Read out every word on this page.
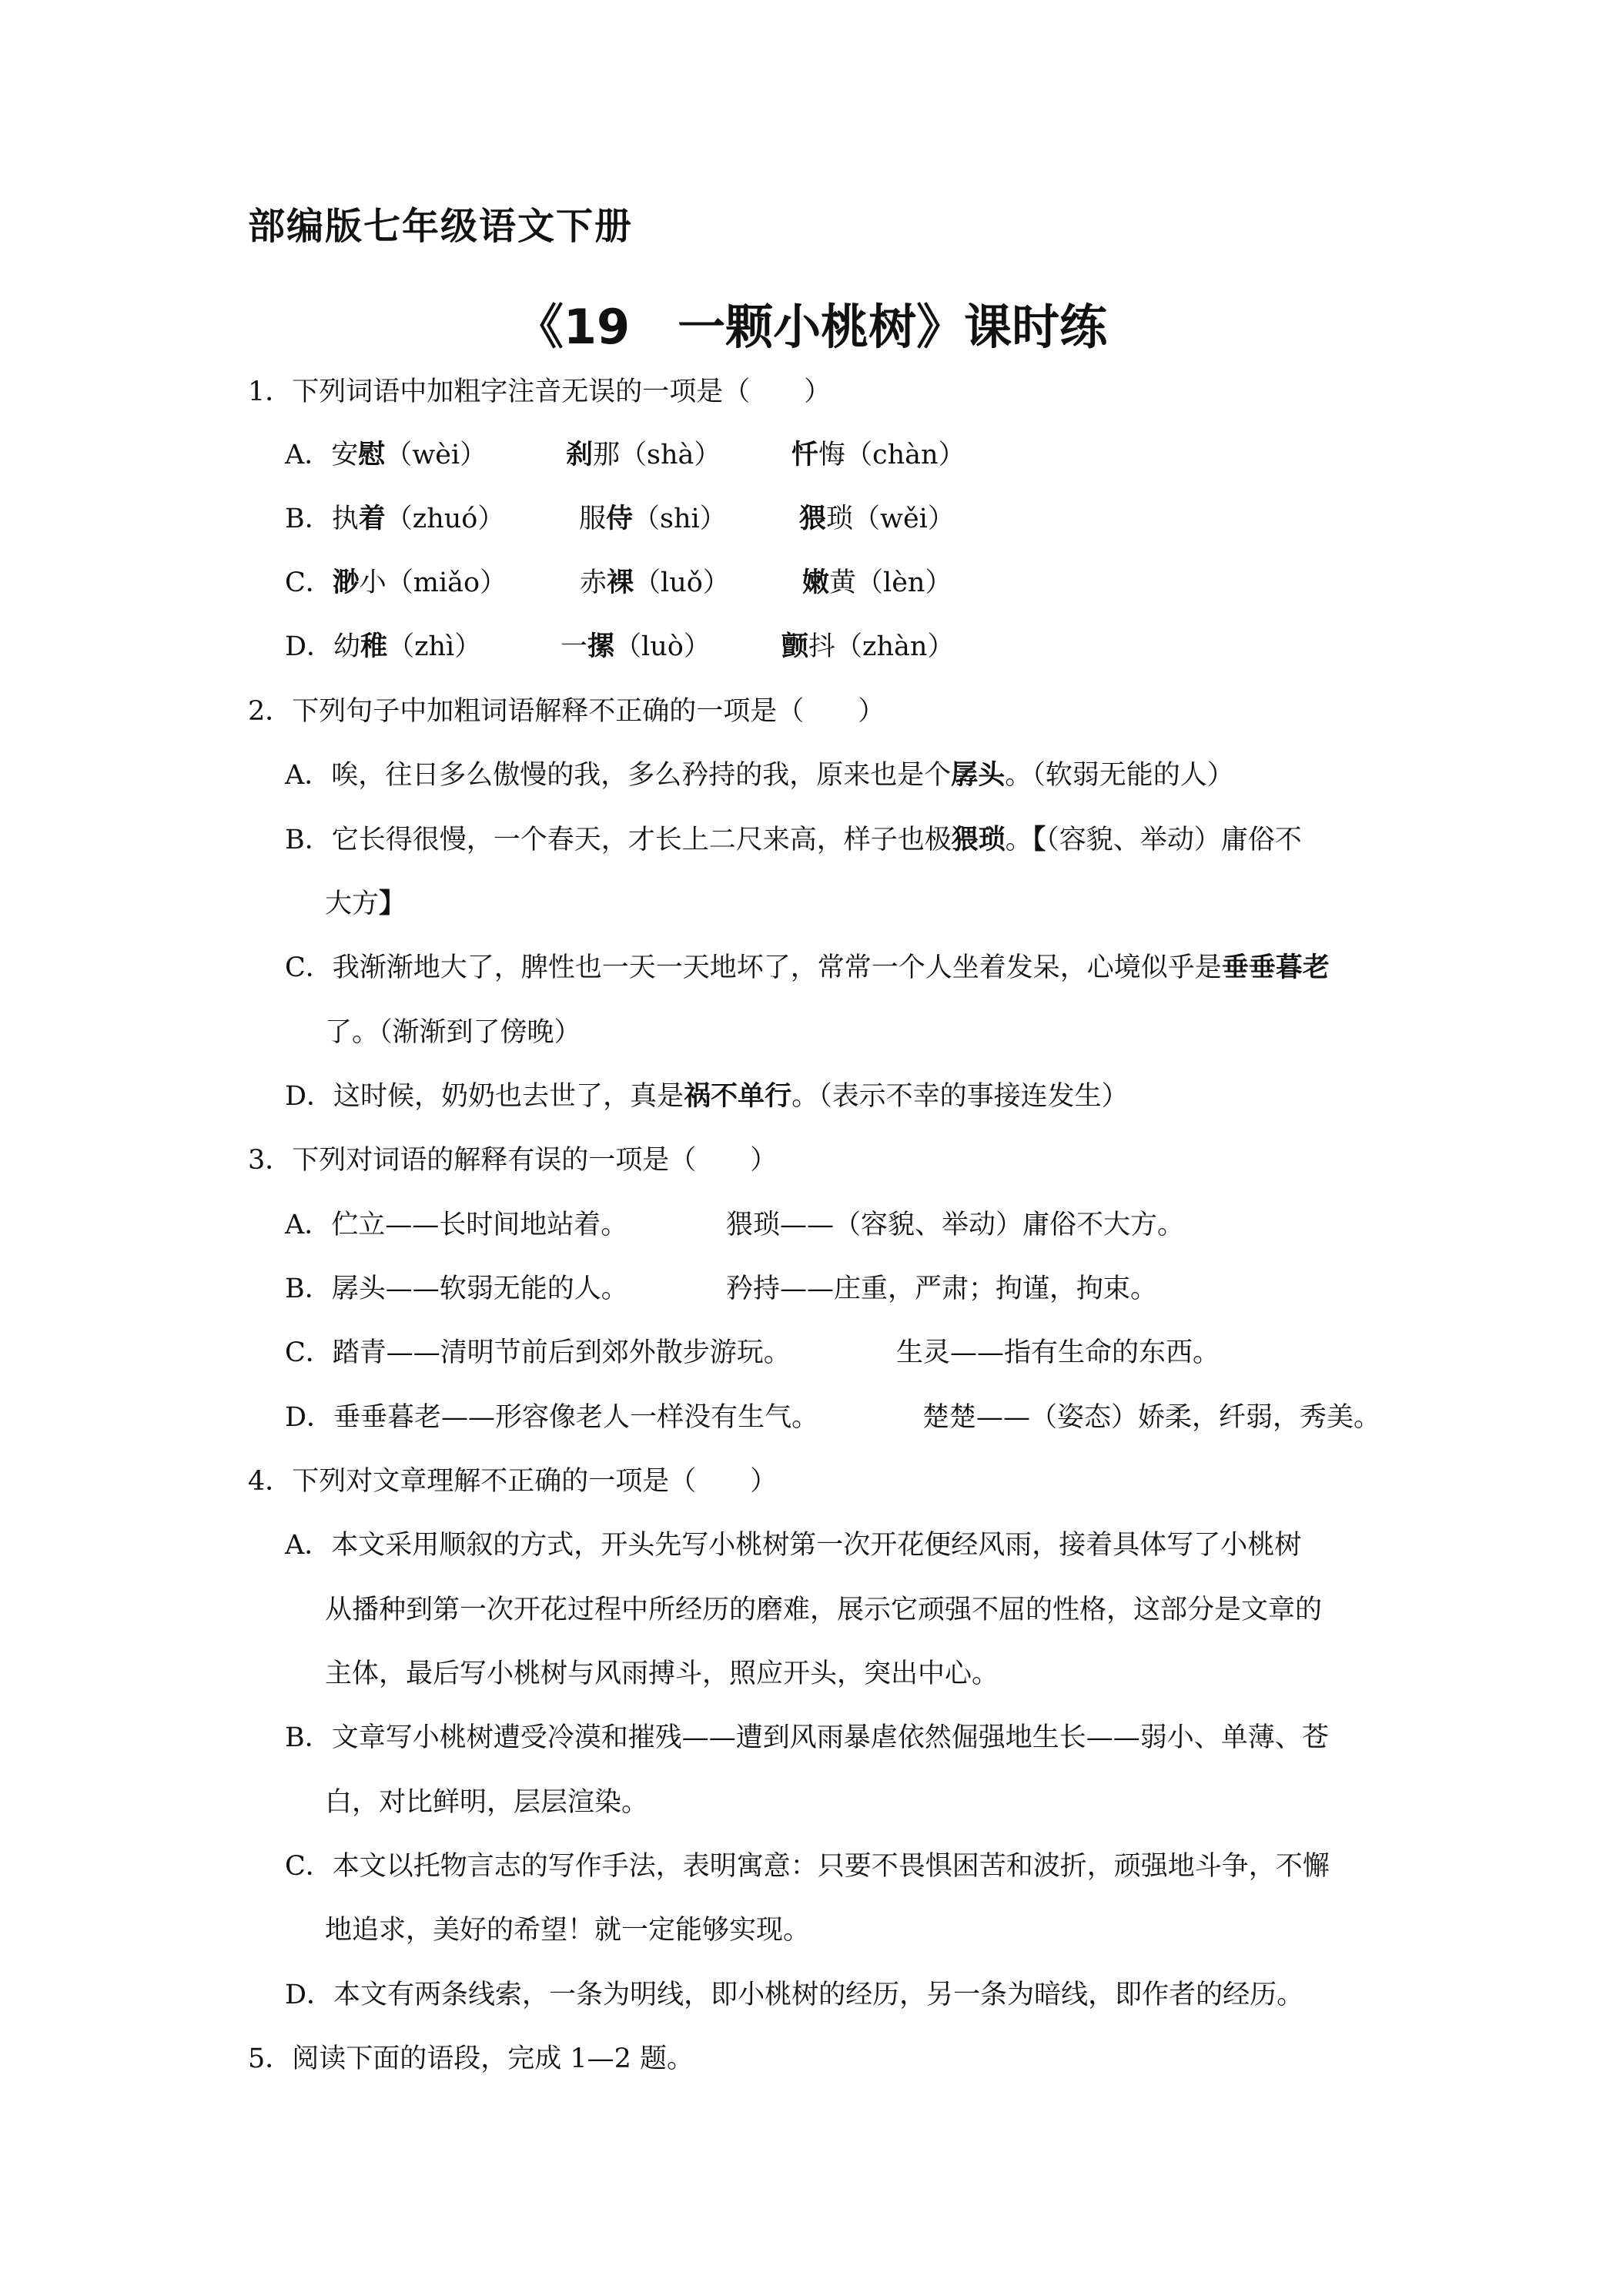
部编版七年级语文下册
《19　一颗小桃树》课时练
1．下列词语中加粗字注音无误的一项是（　　）
A．安慰（wèi）	刹那（shà）	忏悔（chàn）
B．执着（zhuó）	服侍（shi）	猥琐（wěi）
C．渺小（miǎo）	赤裸（luǒ）	嫩黄（lèn）
D．幼稚（zhì）	一摞（luò）	颤抖（zhàn）
2．下列句子中加粗词语解释不正确的一项是（　　）
A．唉，往日多么傲慢的我，多么矜持的我，原来也是个孱头。（软弱无能的人）
B．它长得很慢，一个春天，才长上二尺来高，样子也极猥琐。【（容貌、举动）庸俗不
大方】
C．我渐渐地大了，脾性也一天一天地坏了，常常一个人坐着发呆，心境似乎是垂垂暮老
了。（渐渐到了傍晚）
D．这时候，奶奶也去世了，真是祸不单行。（表示不幸的事接连发生）
3．下列对词语的解释有误的一项是（　　）
A．伫立——长时间地站着。	猥琐——（容貌、举动）庸俗不大方。
B．孱头——软弱无能的人。	矜持——庄重，严肃；拘谨，拘束。
C．踏青——清明节前后到郊外散步游玩。	生灵——指有生命的东西。
D．垂垂暮老——形容像老人一样没有生气。	楚楚——（姿态）娇柔，纤弱，秀美。
4．下列对文章理解不正确的一项是（　　）
A．本文采用顺叙的方式，开头先写小桃树第一次开花便经风雨，接着具体写了小桃树
从播种到第一次开花过程中所经历的磨难，展示它顽强不屈的性格，这部分是文章的
主体，最后写小桃树与风雨搏斗，照应开头，突出中心。
B．文章写小桃树遭受冷漠和摧残——遭到风雨暴虐依然倔强地生长——弱小、单薄、苍
白，对比鲜明，层层渲染。
C．本文以托物言志的写作手法，表明寓意：只要不畏惧困苦和波折，顽强地斗争，不懈
地追求，美好的希望！就一定能够实现。
D．本文有两条线索，一条为明线，即小桃树的经历，另一条为暗线，即作者的经历。
5．阅读下面的语段，完成 1—2 题。
